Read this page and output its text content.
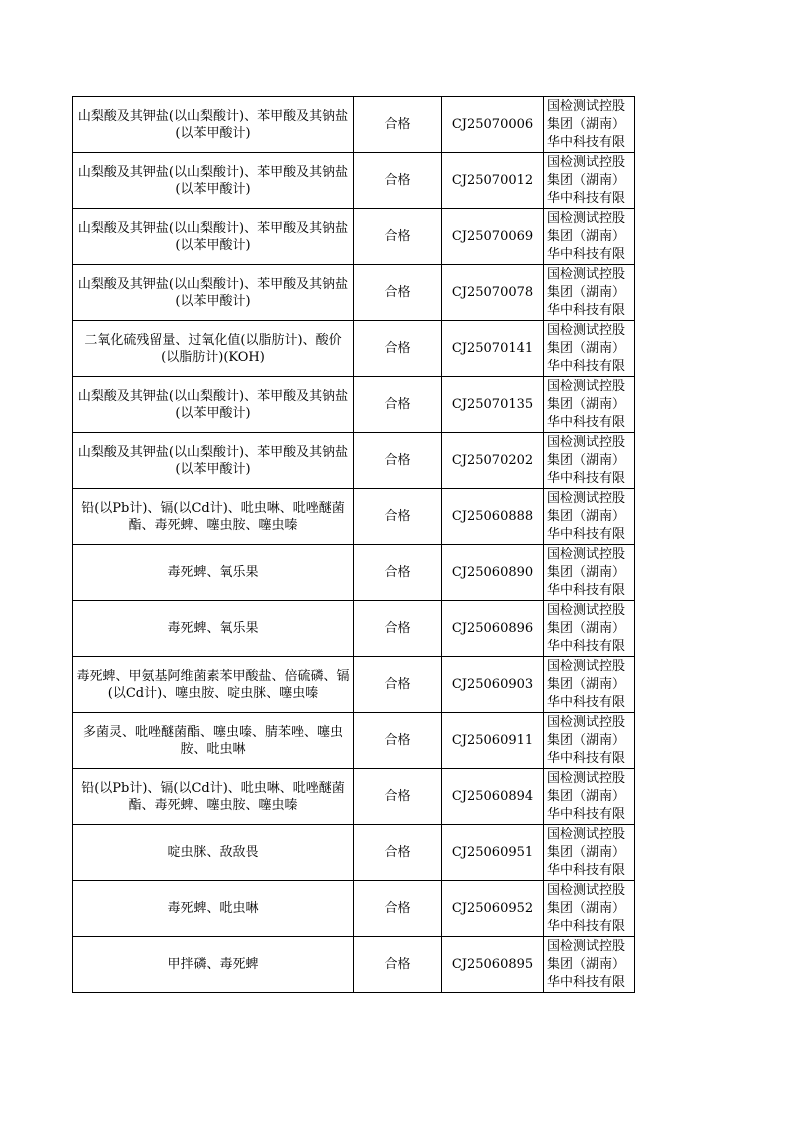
山梨酸及其钾盐(以山梨酸计)、苯甲酸及其钠盐(以苯甲酸计)	合格	CJ25070006	国检测试控股
集团（湖南）
华中科技有限

山梨酸及其钾盐(以山梨酸计)、苯甲酸及其钠盐(以苯甲酸计)	合格	CJ25070012	国检测试控股
集团（湖南）
华中科技有限

山梨酸及其钾盐(以山梨酸计)、苯甲酸及其钠盐(以苯甲酸计)	合格	CJ25070069	国检测试控股
集团（湖南）
华中科技有限

山梨酸及其钾盐(以山梨酸计)、苯甲酸及其钠盐(以苯甲酸计)	合格	CJ25070078	国检测试控股
集团（湖南）
华中科技有限

二氧化硫残留量、过氧化值(以脂肪计)、酸价(以脂肪计)(KOH)	合格	CJ25070141	国检测试控股
集团（湖南）
华中科技有限

山梨酸及其钾盐(以山梨酸计)、苯甲酸及其钠盐(以苯甲酸计)	合格	CJ25070135	国检测试控股
集团（湖南）
华中科技有限

山梨酸及其钾盐(以山梨酸计)、苯甲酸及其钠盐(以苯甲酸计)	合格	CJ25070202	国检测试控股
集团（湖南）
华中科技有限

铅(以Pb计)、镉(以Cd计)、吡虫啉、吡唑醚菌酯、毒死蜱、噻虫胺、噻虫嗪	合格	CJ25060888	国检测试控股
集团（湖南）
华中科技有限

毒死蜱、氧乐果	合格	CJ25060890	国检测试控股
集团（湖南）
华中科技有限

毒死蜱、氧乐果	合格	CJ25060896	国检测试控股
集团（湖南）
华中科技有限

毒死蜱、甲氨基阿维菌素苯甲酸盐、倍硫磷、镉(以Cd计)、噻虫胺、啶虫脒、噻虫嗪	合格	CJ25060903	国检测试控股
集团（湖南）
华中科技有限

多菌灵、吡唑醚菌酯、噻虫嗪、腈苯唑、噻虫胺、吡虫啉	合格	CJ25060911	国检测试控股
集团（湖南）
华中科技有限

铅(以Pb计)、镉(以Cd计)、吡虫啉、吡唑醚菌酯、毒死蜱、噻虫胺、噻虫嗪	合格	CJ25060894	国检测试控股
集团（湖南）
华中科技有限

啶虫脒、敌敌畏	合格	CJ25060951	国检测试控股
集团（湖南）
华中科技有限

毒死蜱、吡虫啉	合格	CJ25060952	国检测试控股
集团（湖南）
华中科技有限

甲拌磷、毒死蜱	合格	CJ25060895	国检测试控股
集团（湖南）
华中科技有限
